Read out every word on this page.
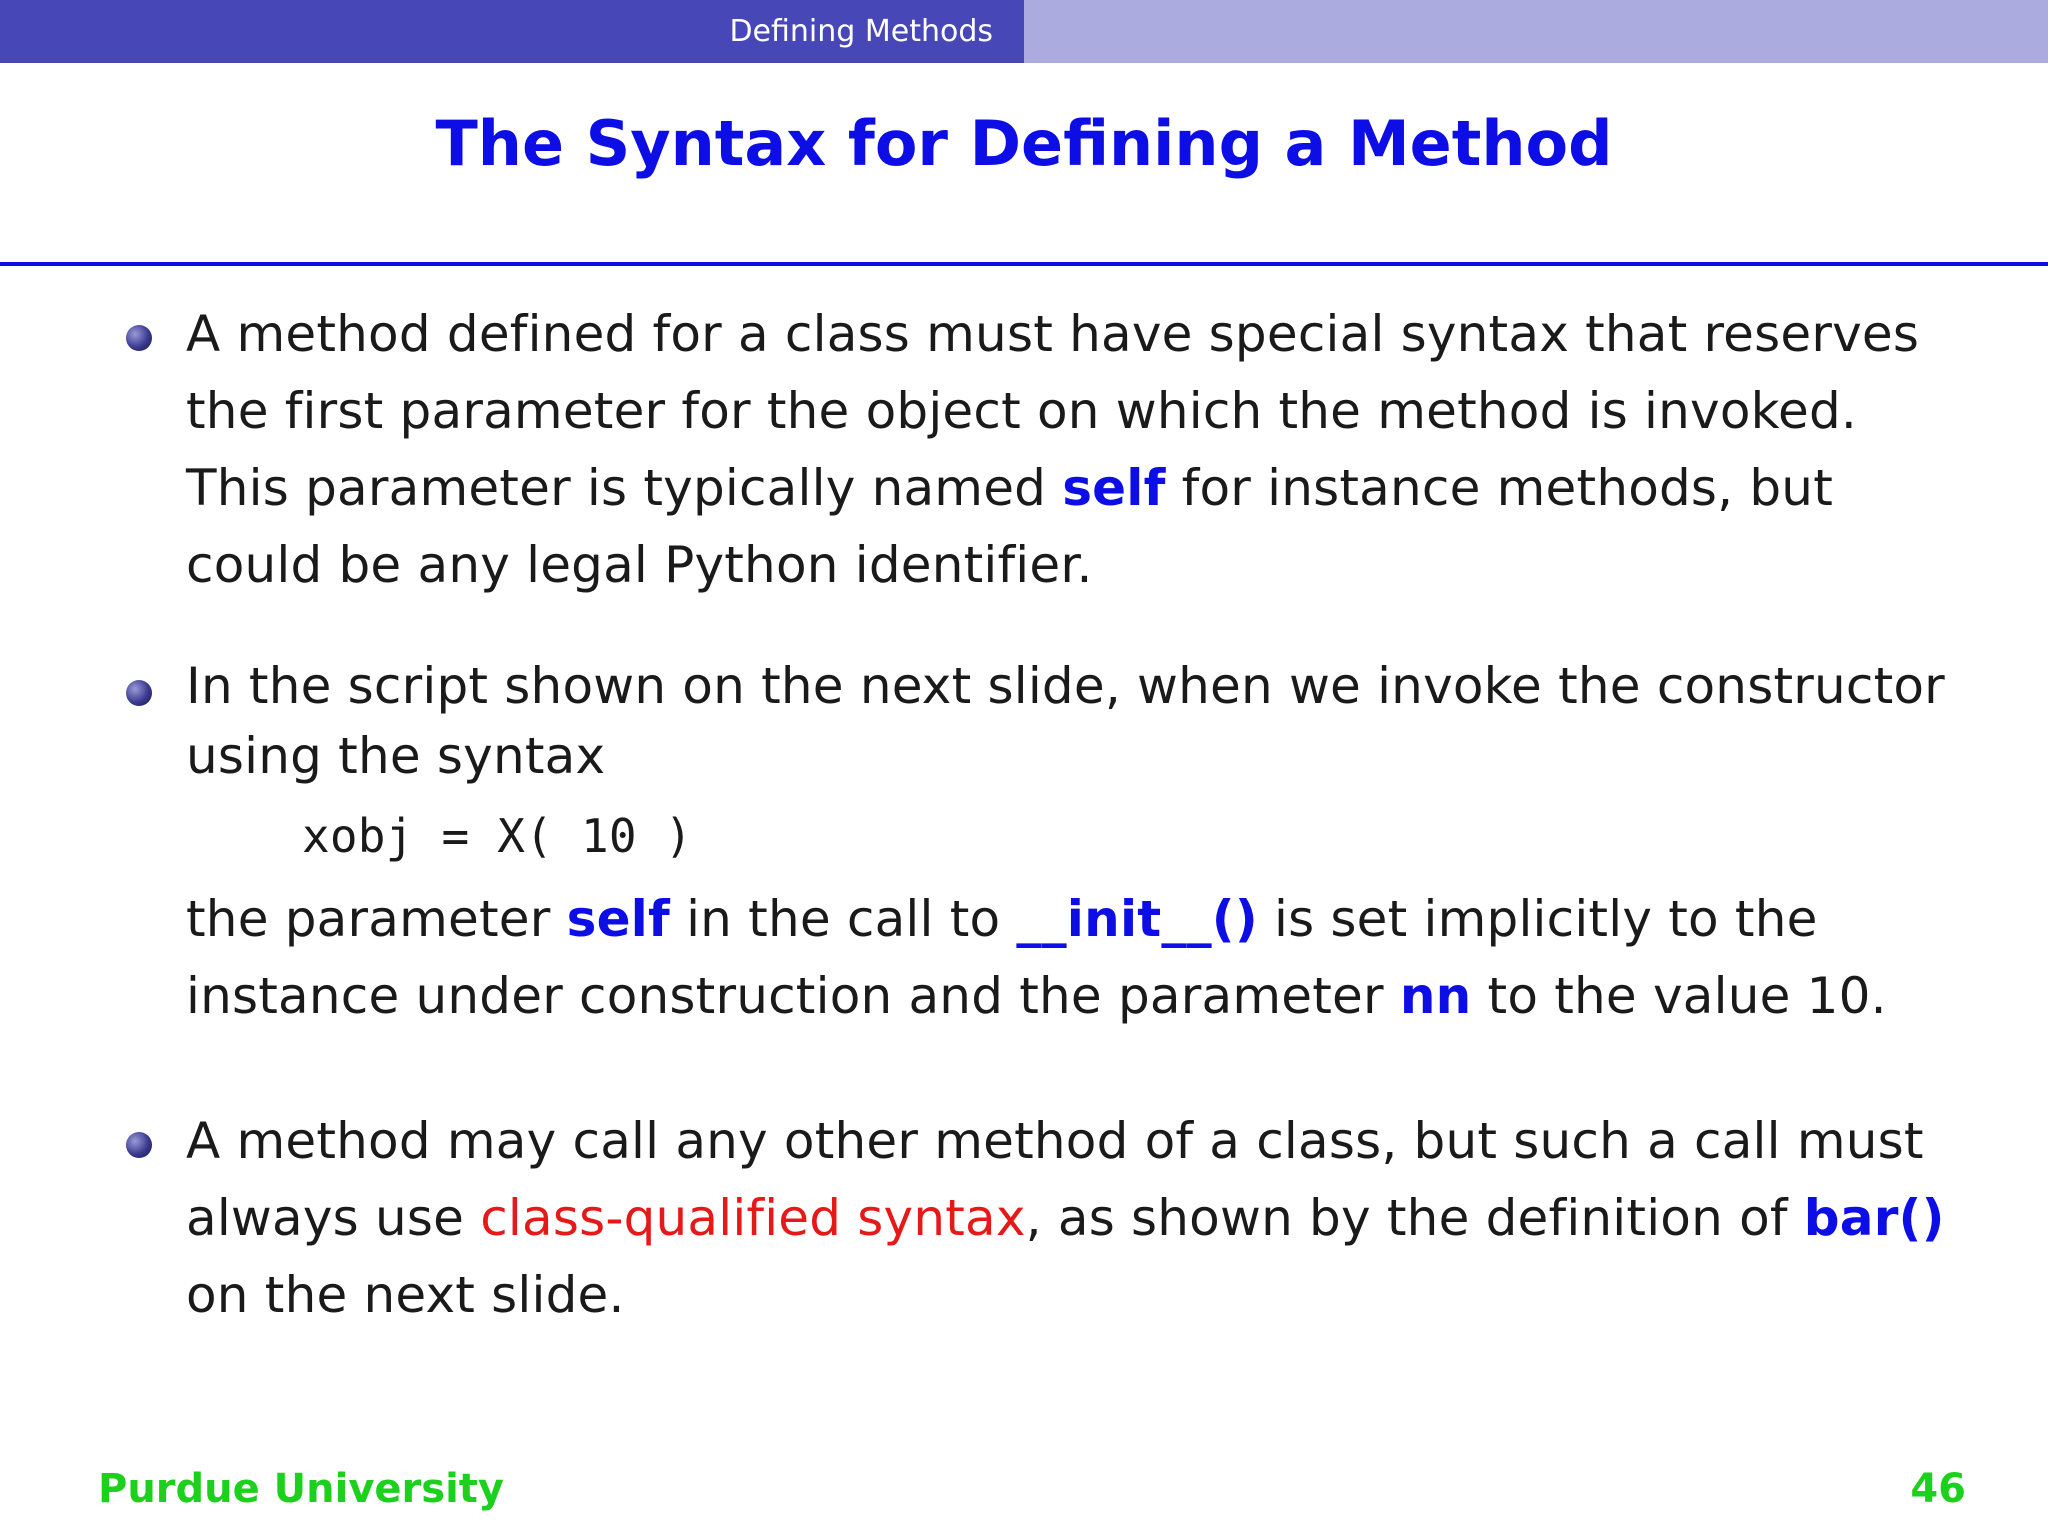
Defining Methods
The Syntax for Defining a Method
A method defined for a class must have special syntax that reserves
the first parameter for the object on which the method is invoked.
This parameter is typically named self for instance methods, but
could be any legal Python identifier.
In the script shown on the next slide, when we invoke the constructor
using the syntax
xobj = X( 10 )
the parameter self in the call to __init__() is set implicitly to the
instance under construction and the parameter nn to the value 10.
A method may call any other method of a class, but such a call must
always use class-qualified syntax, as shown by the definition of bar()
on the next slide.
Purdue University	46
